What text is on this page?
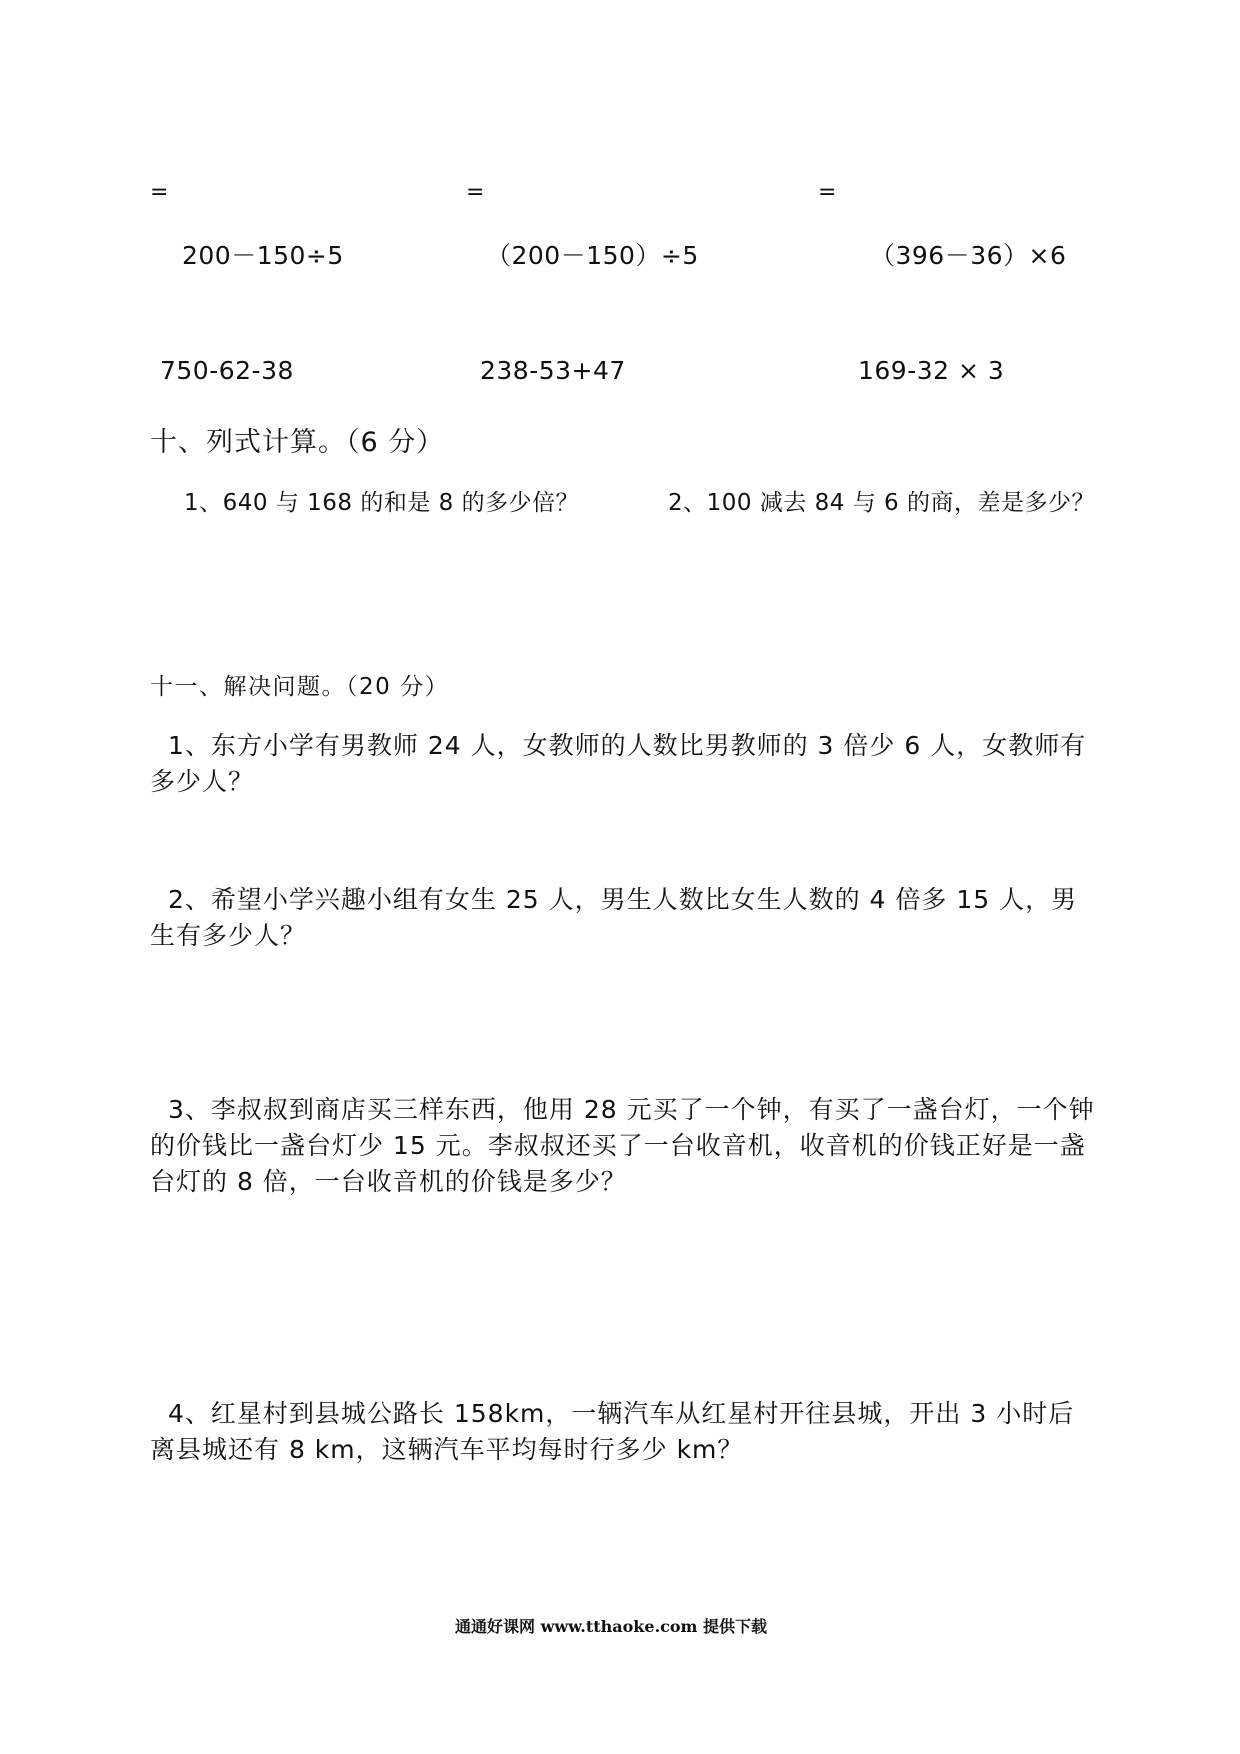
=	=	=
200－150÷5	（200－150）÷5	（396－36）×6
750-62-38	238-53+47	169-32 × 3
十、列式计算。（6 分）
1、640 与 168 的和是 8 的多少倍？	2、100 减去 84 与 6 的商，差是多少？
十一、解决问题。（20 分）
1、东方小学有男教师 24 人，女教师的人数比男教师的 3 倍少 6 人，女教师有多少人？
2、希望小学兴趣小组有女生 25 人，男生人数比女生人数的 4 倍多 15 人，男生有多少人？
3、李叔叔到商店买三样东西，他用 28 元买了一个钟，有买了一盏台灯，一个钟的价钱比一盏台灯少 15 元。李叔叔还买了一台收音机，收音机的价钱正好是一盏台灯的 8 倍，一台收音机的价钱是多少？
4、红星村到县城公路长 158km，一辆汽车从红星村开往县城，开出 3 小时后离县城还有 8 km，这辆汽车平均每时行多少 km？
通通好课网 www.tthaoke.com 提供下载
